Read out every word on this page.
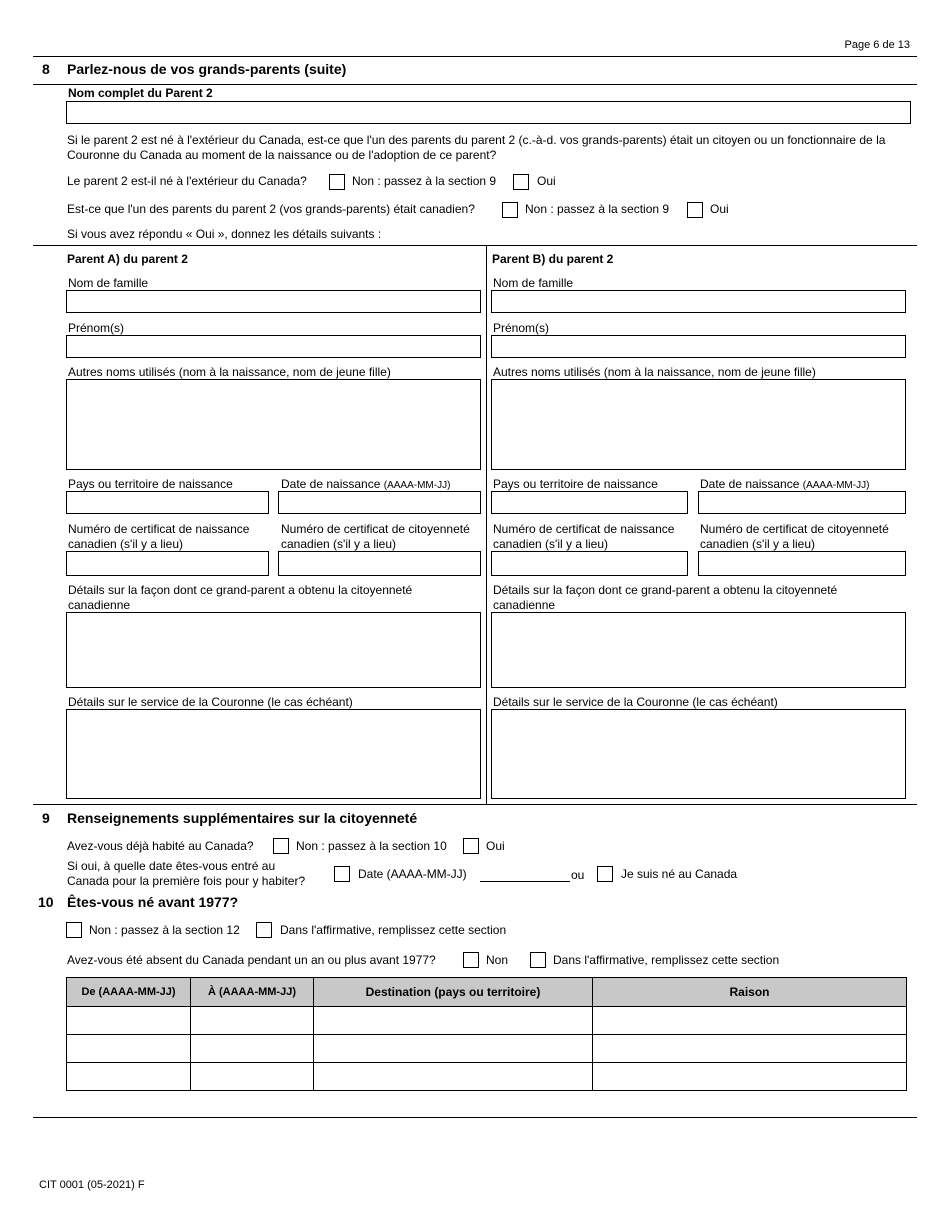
Page 6 de 13
8 Parlez-nous de vos grands-parents (suite)
Nom complet du Parent 2
Si le parent 2 est né à l'extérieur du Canada, est-ce que l'un des parents du parent 2 (c.-à-d. vos grands-parents) était un citoyen ou un fonctionnaire de la Couronne du Canada au moment de la naissance ou de l'adoption de ce parent?
Le parent 2 est-il né à l'extérieur du Canada?	Non : passez à la section 9	Oui
Est-ce que l'un des parents du parent 2 (vos grands-parents) était canadien?	Non : passez à la section 9	Oui
Si vous avez répondu « Oui », donnez les détails suivants :
Parent A) du parent 2
Nom de famille
Prénom(s)
Autres noms utilisés (nom à la naissance, nom de jeune fille)
Pays ou territoire de naissance	Date de naissance (AAAA-MM-JJ)
Numéro de certificat de naissance canadien (s'il y a lieu)
Numéro de certificat de citoyenneté canadien (s'il y a lieu)
Détails sur la façon dont ce grand-parent a obtenu la citoyenneté canadienne
Détails sur le service de la Couronne (le cas échéant)
Parent B) du parent 2
Nom de famille
Prénom(s)
Autres noms utilisés (nom à la naissance, nom de jeune fille)
Pays ou territoire de naissance	Date de naissance (AAAA-MM-JJ)
Numéro de certificat de naissance canadien (s'il y a lieu)
Numéro de certificat de citoyenneté canadien (s'il y a lieu)
Détails sur la façon dont ce grand-parent a obtenu la citoyenneté canadienne
Détails sur le service de la Couronne (le cas échéant)
9 Renseignements supplémentaires sur la citoyenneté
Avez-vous déjà habité au Canada?	Non : passez à la section 10	Oui
Si oui, à quelle date êtes-vous entré au
Canada pour la première fois pour y habiter?	Date (AAAA-MM-JJ)	ou	Je suis né au Canada
10 Êtes-vous né avant 1977?
Non : passez à la section 12	Dans l'affirmative, remplissez cette section
Avez-vous été absent du Canada pendant un an ou plus avant 1977?	Non	Dans l'affirmative, remplissez cette section
De (AAAA-MM-JJ)	À (AAAA-MM-JJ)	Destination (pays ou territoire)	Raison

CIT 0001 (05-2021) F
